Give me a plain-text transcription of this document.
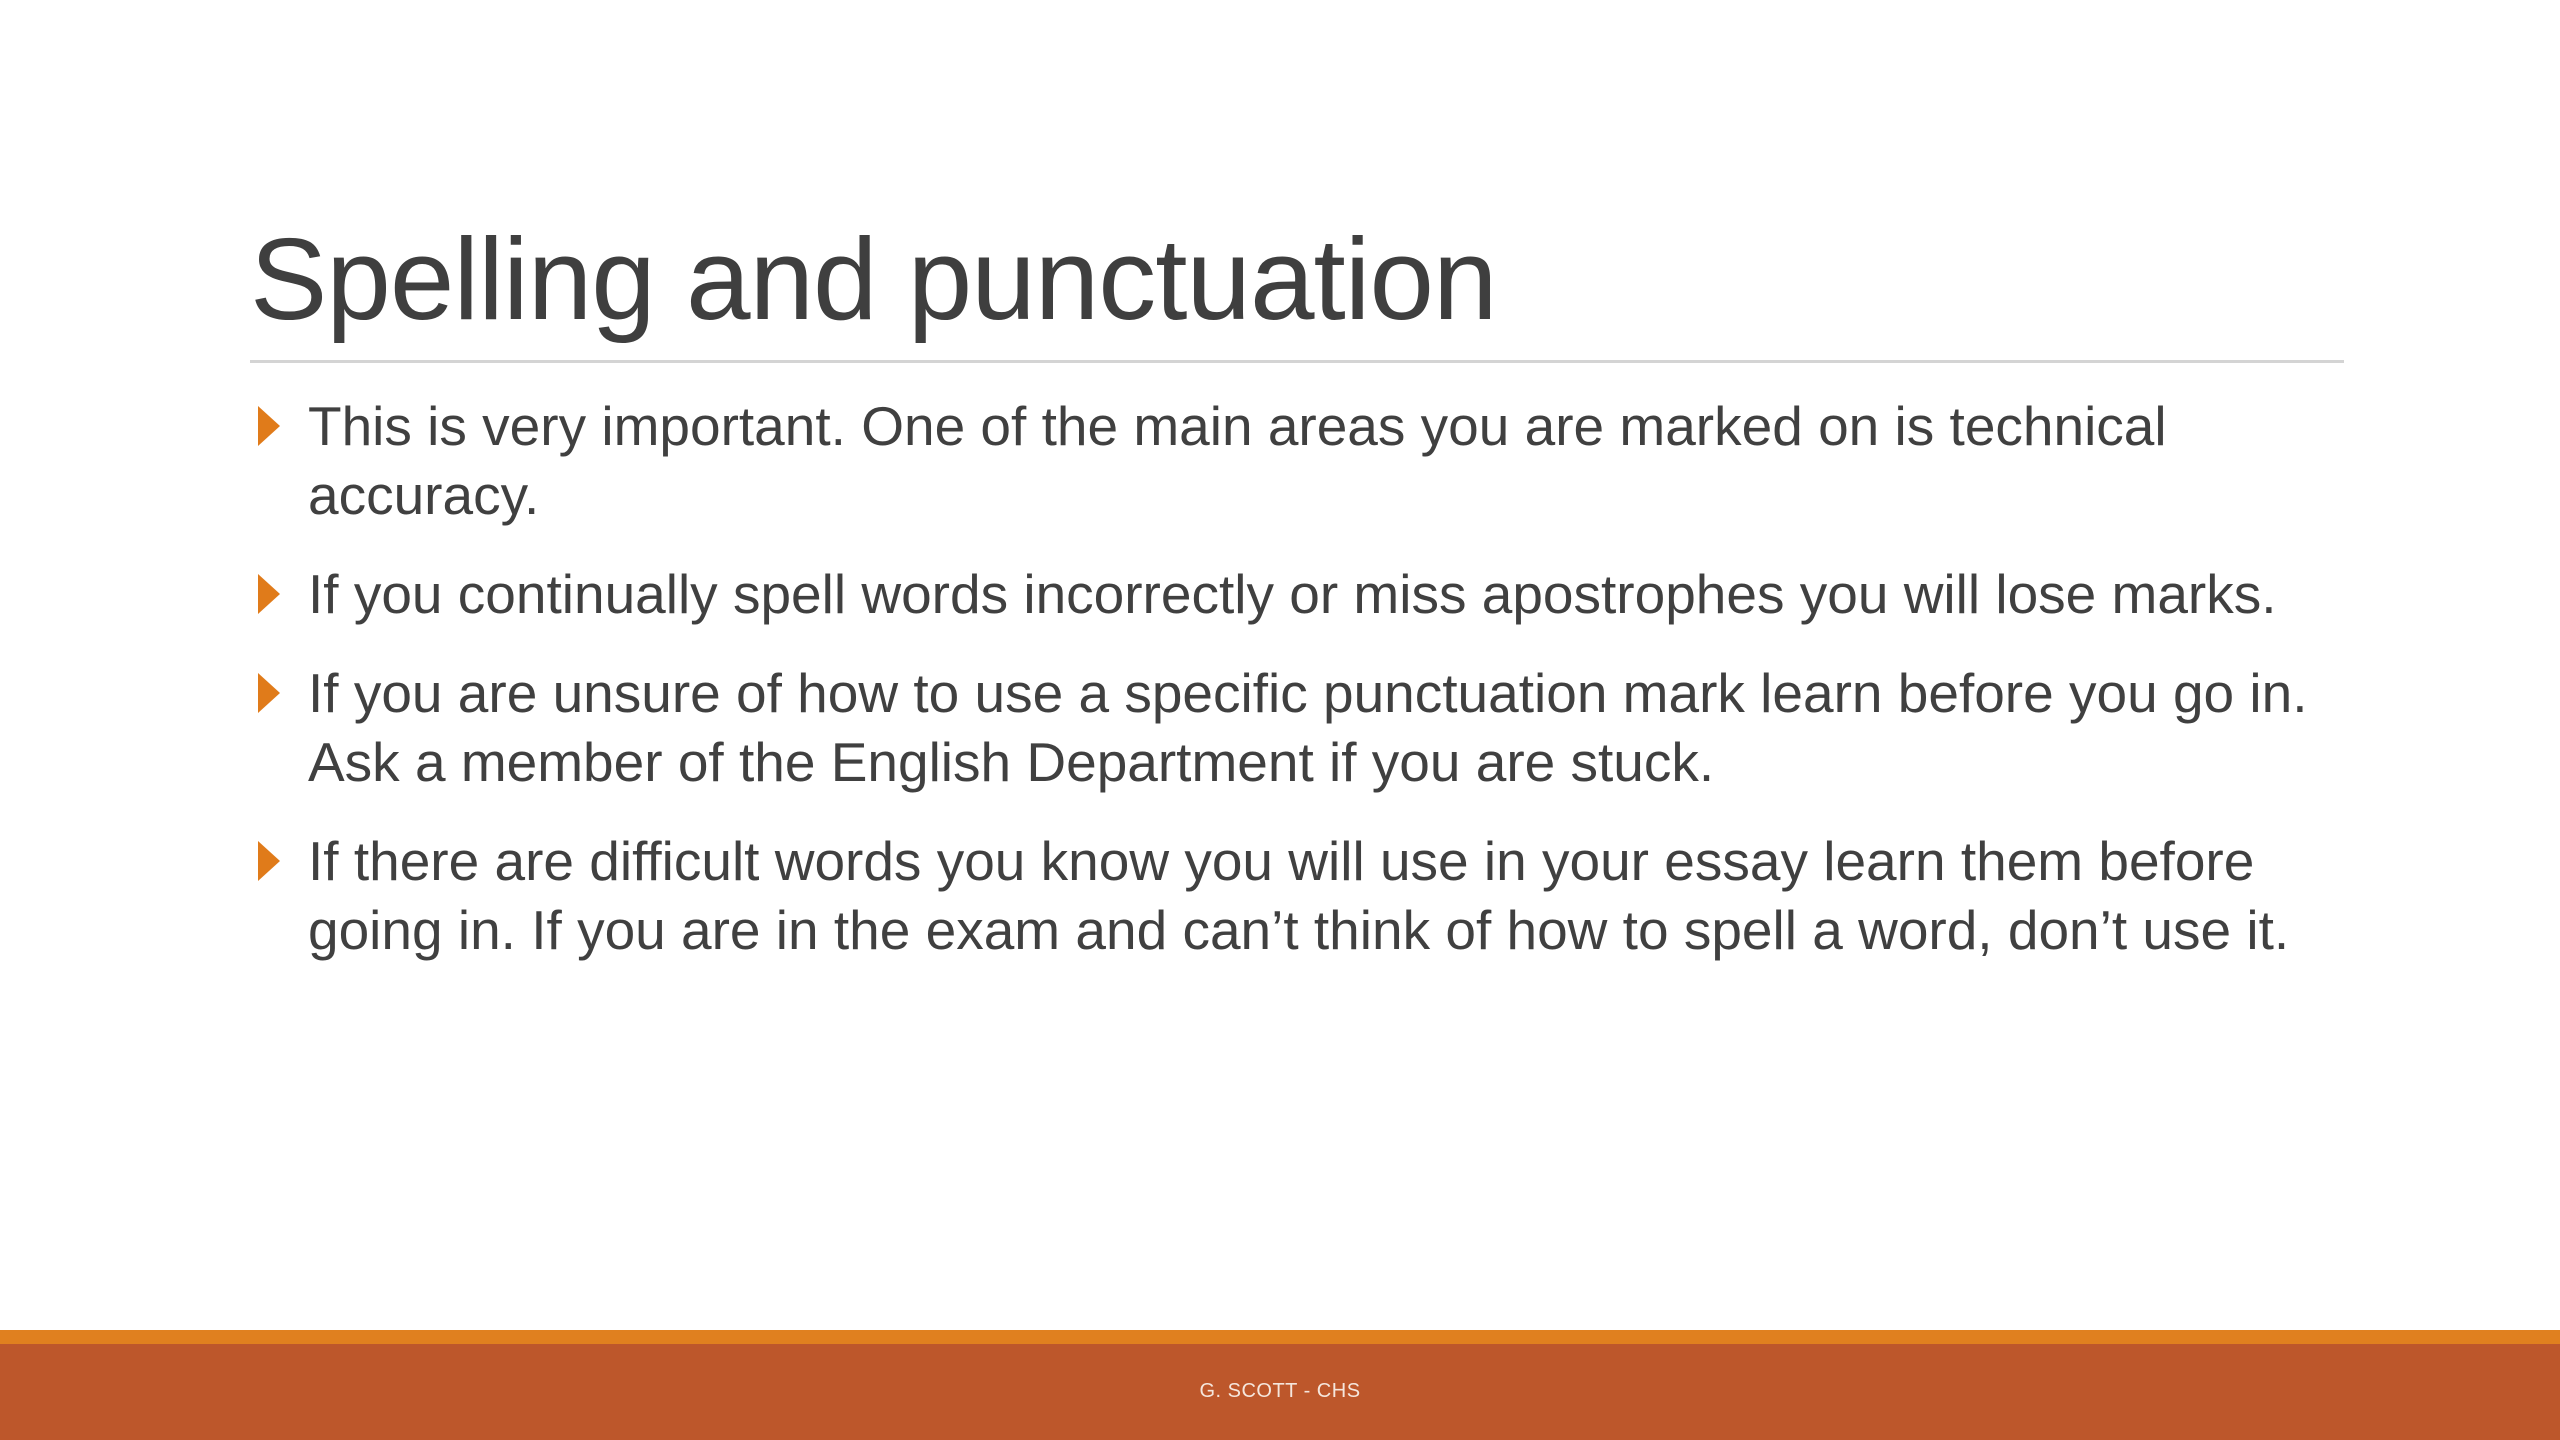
Spelling and punctuation
This is very important. One of the main areas you are marked on is technical accuracy.
If you continually spell words incorrectly or miss apostrophes you will lose marks.
If you are unsure of how to use a specific punctuation mark learn before you go in. Ask a member of the English Department if you are stuck.
If there are difficult words you know you will use in your essay learn them before going in. If you are in the exam and can’t think of how to spell a word, don’t use it.
G. SCOTT - CHS
